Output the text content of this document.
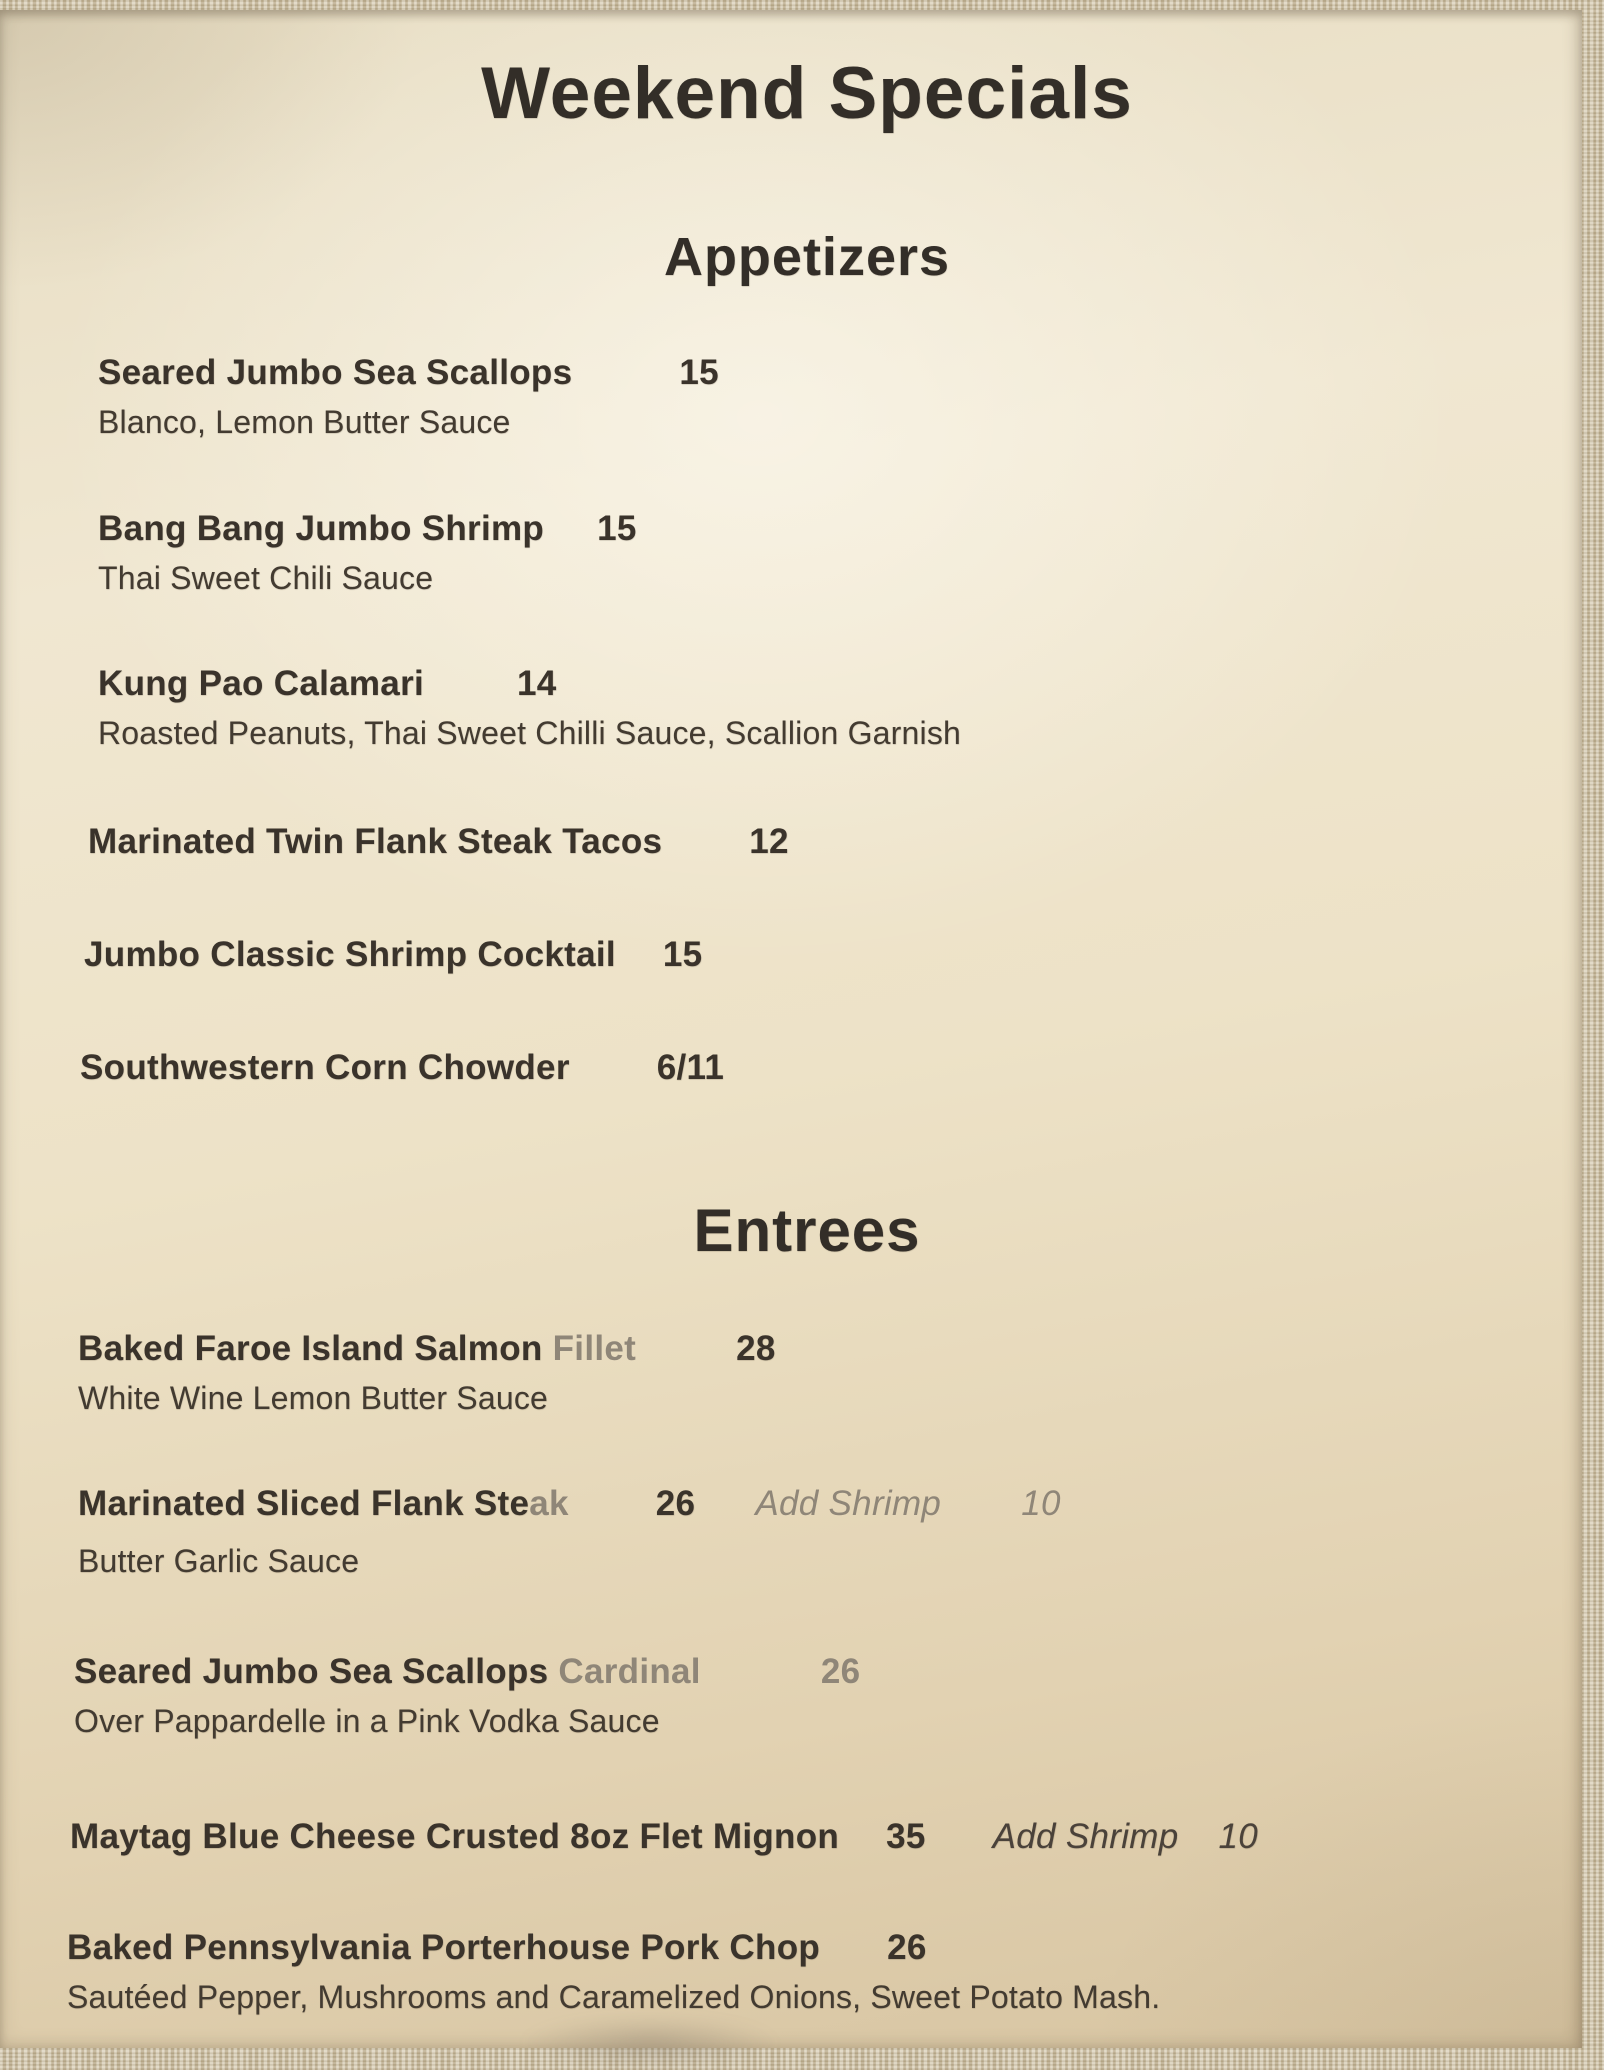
Weekend Specials
Appetizers
Seared Jumbo Sea Scallops	15
Blanco, Lemon Butter Sauce
Bang Bang Jumbo Shrimp 15
Thai Sweet Chili Sauce
Kung Pao Calamari	14
Roasted Peanuts, Thai Sweet Chilli Sauce, Scallion Garnish
Marinated Twin Flank Steak Tacos 12
Jumbo Classic Shrimp Cocktail 15
Southwestern Corn Chowder 6/11
Entrees
Baked Faroe Island Salmon Fillet	28
White Wine Lemon Butter Sauce
Marinated Sliced Flank Steak 26 Add Shrimp 10
Butter Garlic Sauce
Seared Jumbo Sea Scallops Cardinal	26
Over Pappardelle in a Pink Vodka Sauce
Maytag Blue Cheese Crusted 8oz Flet Mignon 35 Add Shrimp 10
Baked Pennsylvania Porterhouse Pork Chop 26
Sautéed Pepper, Mushrooms and Caramelized Onions, Sweet Potato Mash.
